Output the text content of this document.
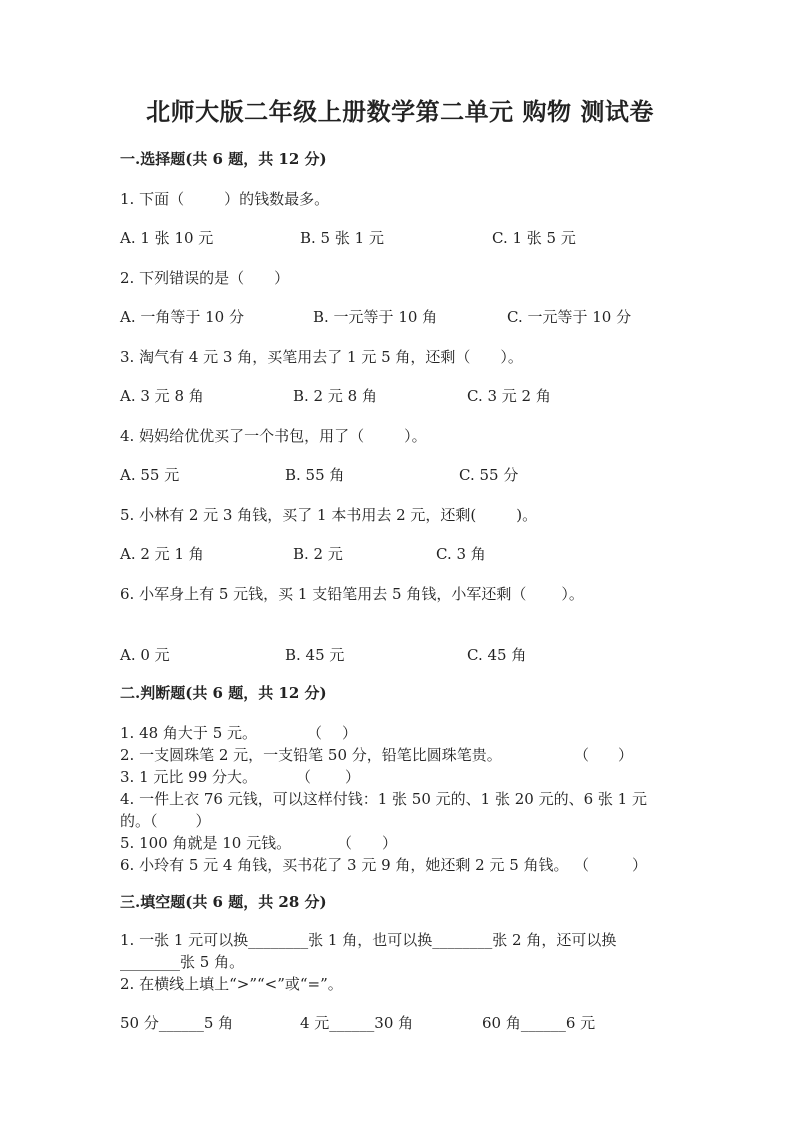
北师大版二年级上册数学第二单元 购物 测试卷
一.选择题(共 6 题，共 12 分)
1. 下面（	）的钱数最多。
A. 1 张 10 元	B. 5 张 1 元	C. 1 张 5 元
2. 下列错误的是（ ）
A. 一角等于 10 分	B. 一元等于 10 角	C. 一元等于 10 分
3. 淘气有 4 元 3 角，买笔用去了 1 元 5 角，还剩（ ）。
A. 3 元 8 角	B. 2 元 8 角	C. 3 元 2 角
4. 妈妈给优优买了一个书包，用了（	）。
A. 55 元	B. 55 角	C. 55 分
5. 小林有 2 元 3 角钱，买了 1 本书用去 2 元，还剩(	)。
A. 2 元 1 角	B. 2 元	C. 3 角
6. 小军身上有 5 元钱，买 1 支铅笔用去 5 角钱，小军还剩（ ）。
A. 0 元	B. 45 元	C. 45 角
二.判断题(共 6 题，共 12 分)
1. 48 角大于 5 元。	（ ）
2. 一支圆珠笔 2 元，一支铅笔 50 分，铅笔比圆珠笔贵。	（ ）
3. 1 元比 99 分大。	（ ）
4. 一件上衣 76 元钱，可以这样付钱：1 张 50 元的、1 张 20 元的、6 张 1 元
的。（	）
5. 100 角就是 10 元钱。	（ ）
6. 小玲有 5 元 4 角钱，买书花了 3 元 9 角，她还剩 2 元 5 角钱。 （	）
三.填空题(共 6 题，共 28 分)
1. 一张 1 元可以换________张 1 角，也可以换________张 2 角，还可以换
________张 5 角。
2. 在横线上填上“>”“<”或“=”。
50 分______5 角	4 元______30 角	60 角______6 元
